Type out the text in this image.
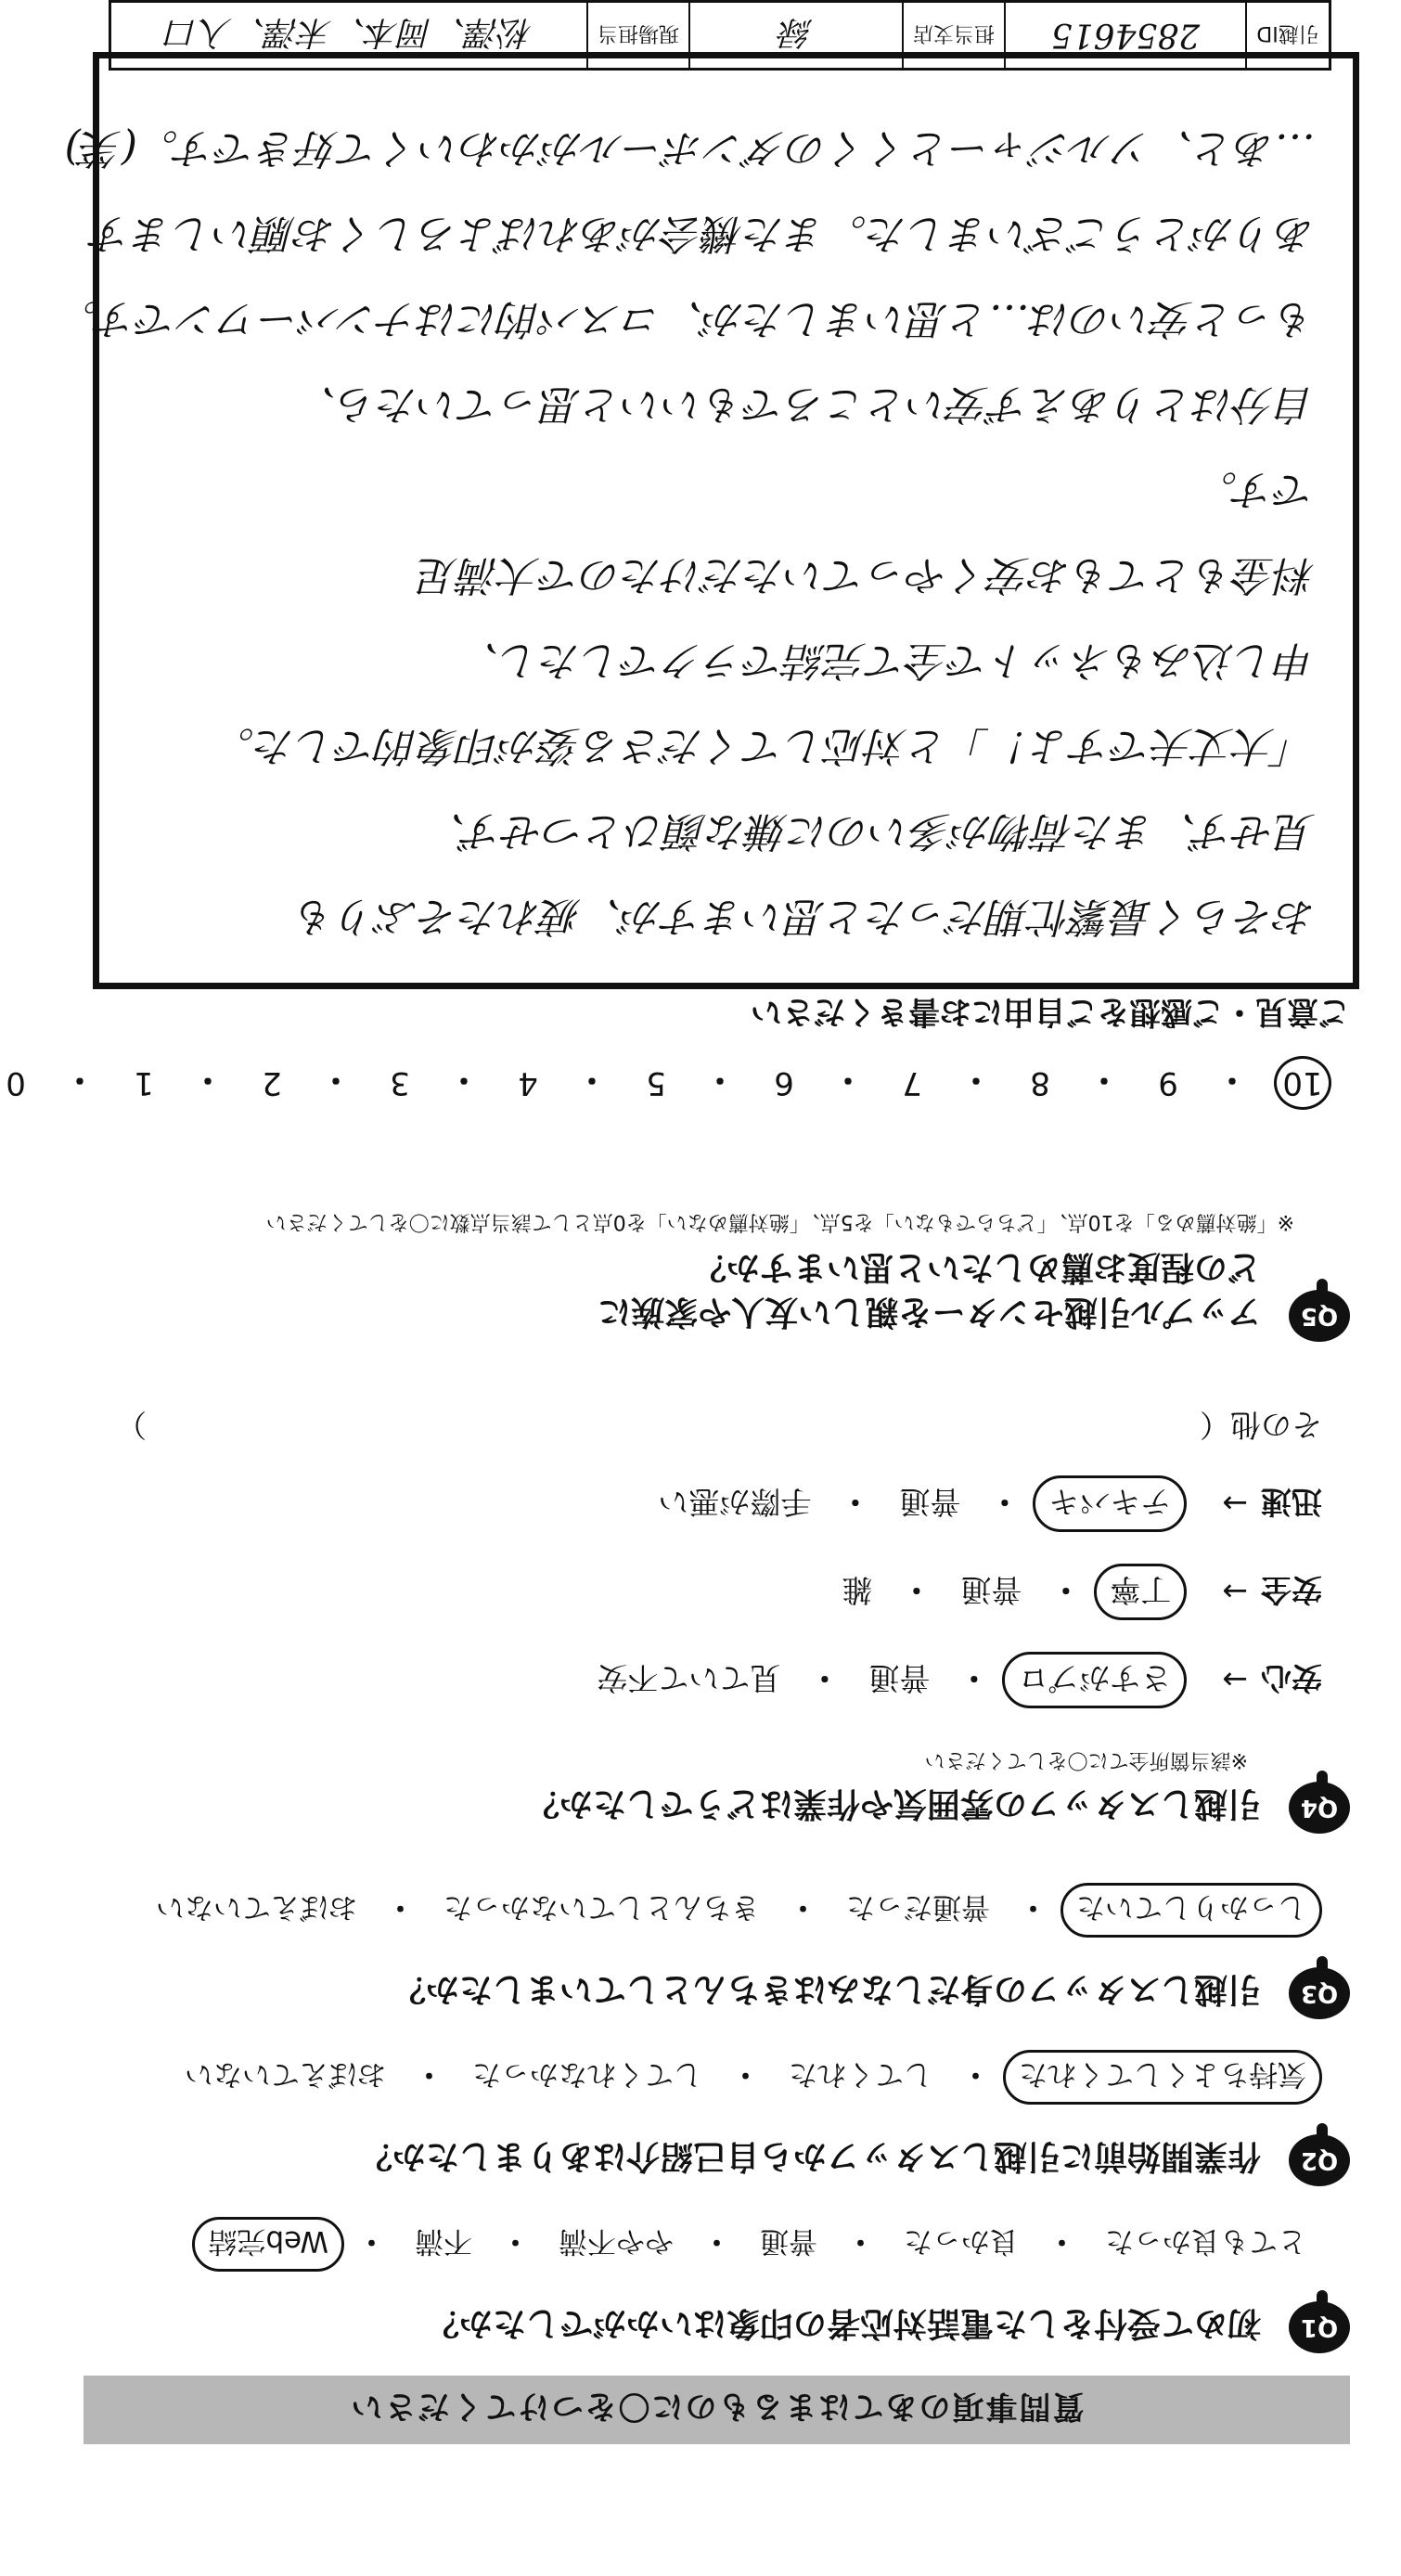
質問事項のあてはまるものに〇をつけてください
Q1
初めて受付をした電話対応者の印象はいかがでしたか？
とても良かった
・
良かった
・
普通
・
やや不満
・
不満
・
Web完結
Q2
作業開始前に引越しスタッフから自己紹介はありましたか？
気持ちよくしてくれた
・
してくれた
・
してくれなかった
・
おぼえていない
Q3
引越しスタッフの身だしなみはきちんとしていましたか？
しっかりしていた
・
普通だった
・
きちんとしていなかった
・
おぼえていない
Q4
引越しスタッフの雰囲気や作業はどうでしたか？
※該当箇所全てに〇をしてください
安心
→
さすがプロ
・
普通
・
見ていて不安
安全
→
丁寧
・
普通
・
雑
迅速
→
テキパキ
・
普通
・
手際が悪い
その他（
）
Q5
アップル引越センターを親しい友人や家族に
どの程度お薦めしたいと思いますか？
※「絶対薦める」を10点、「どちらでもない」を5点、「絶対薦めない」を0点として該当点数に〇をしてください
10
・
9
・
8
・
7
・
6
・
5
・
4
・
3
・
2
・
1
・
0
ご意見・ご感想をご自由にお書きください
おそらく最繁忙期だったと思いますが、疲れたそぶりも
見せず、また荷物が多いのに嫌な顔ひとつせず、
「大丈夫ですよ！」と対応してくださる姿が印象的でした。
申し込みもネットで全て完結でラクでしたし、
料金もとてもお安くやっていただけたので大満足
です。
自分はとりあえず安いところでもいいと思っていたら、
もっと安いのは…と思いましたが、コスパ的にはナンバーワンです。
ありがとうございました。また機会があればよろしくお願いします
…あと、ソルジャーとくくのダンボールがかわいくて好きです。(笑)
引越ID
2854615
担当支店
緑
現場担当
松澤、岡本、末澤、入口
